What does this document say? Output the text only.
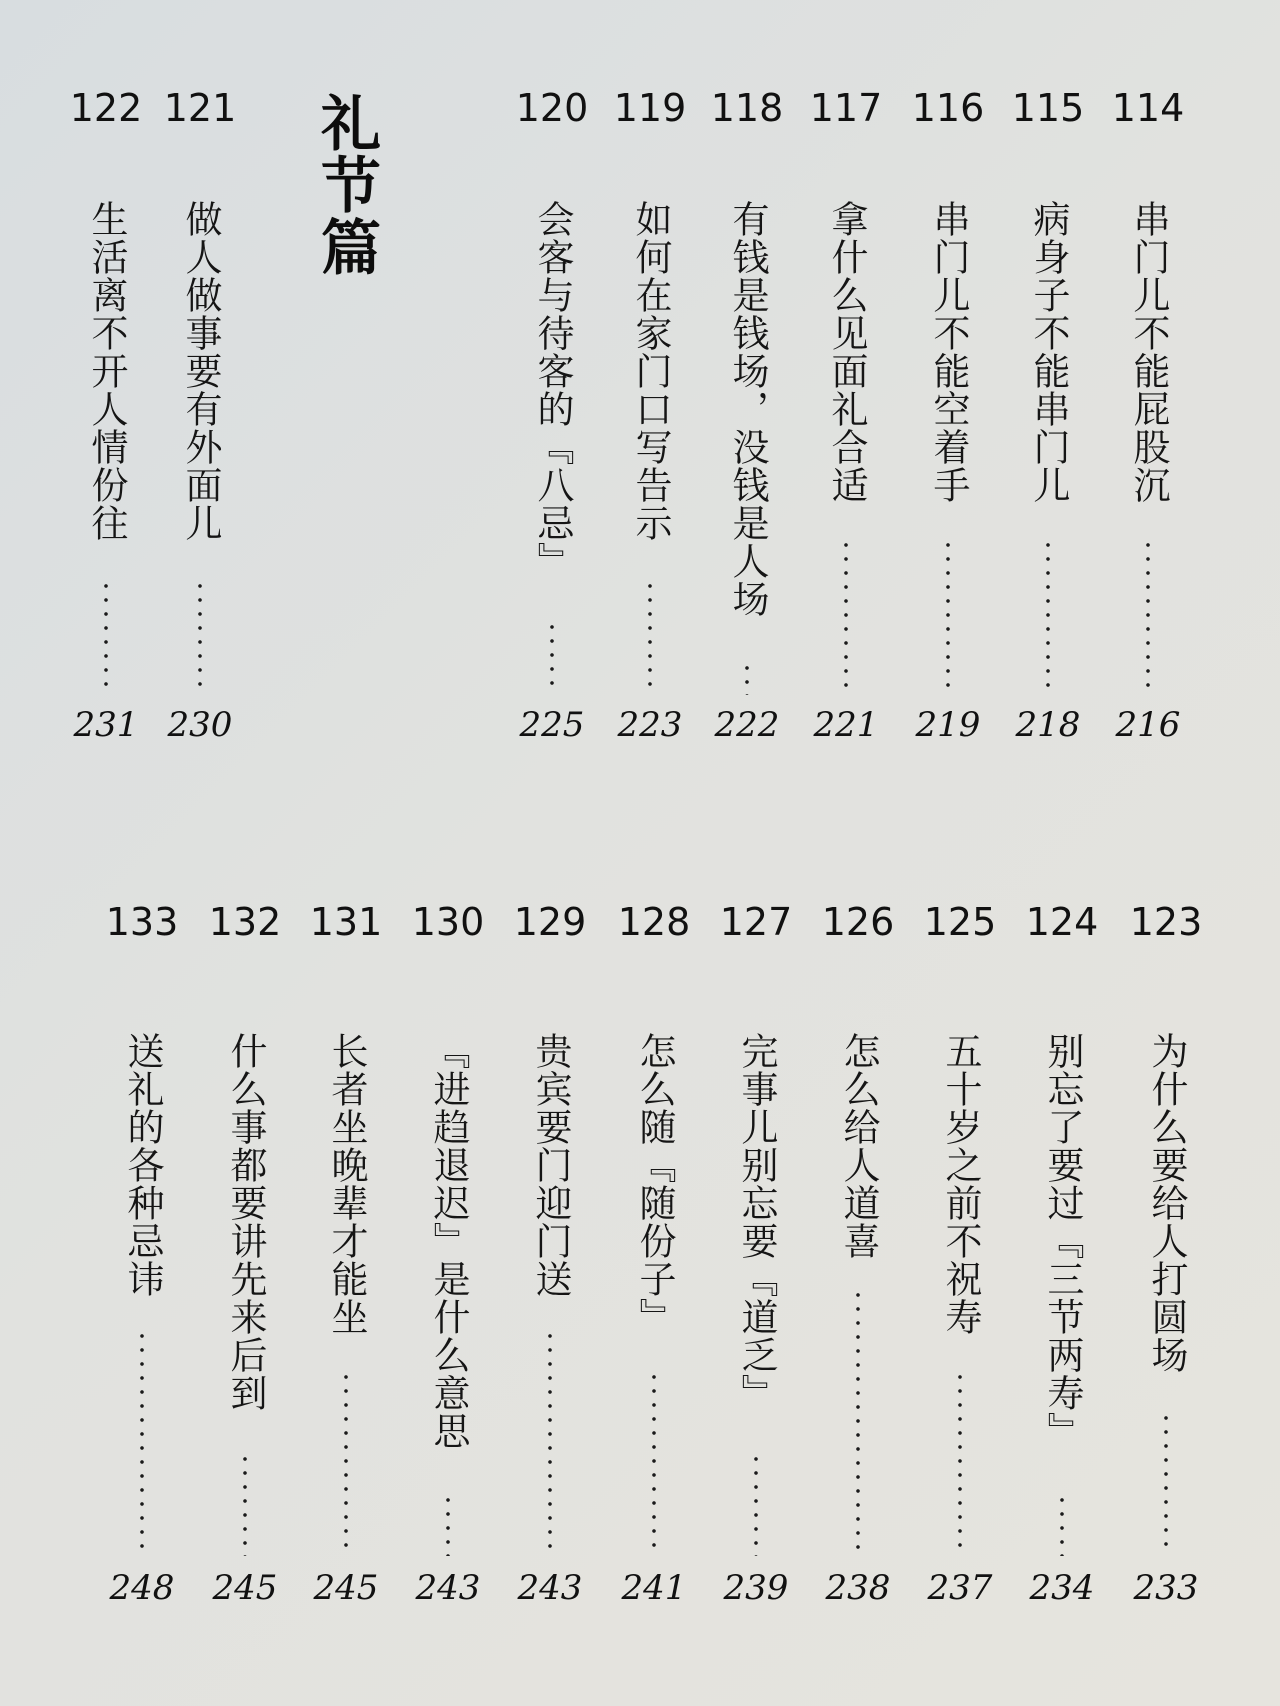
礼节篇
122
生活离不开人情份往
231
121
做人做事要有外面儿
230
120
会客与待客的『八忌』
225
119
如何在家门口写告示
223
118
有钱是钱场，没钱是人场
222
117
拿什么见面礼合适
221
116
串门儿不能空着手
219
115
病身子不能串门儿
218
114
串门儿不能屁股沉
216
133
送礼的各种忌讳
248
132
什么事都要讲先来后到
245
131
长者坐晚辈才能坐
245
130
『进趋退迟』是什么意思
243
129
贵宾要门迎门送
243
128
怎么随『随份子』
241
127
完事儿别忘要『道乏』
239
126
怎么给人道喜
238
125
五十岁之前不祝寿
237
124
别忘了要过『三节两寿』
234
123
为什么要给人打圆场
233
